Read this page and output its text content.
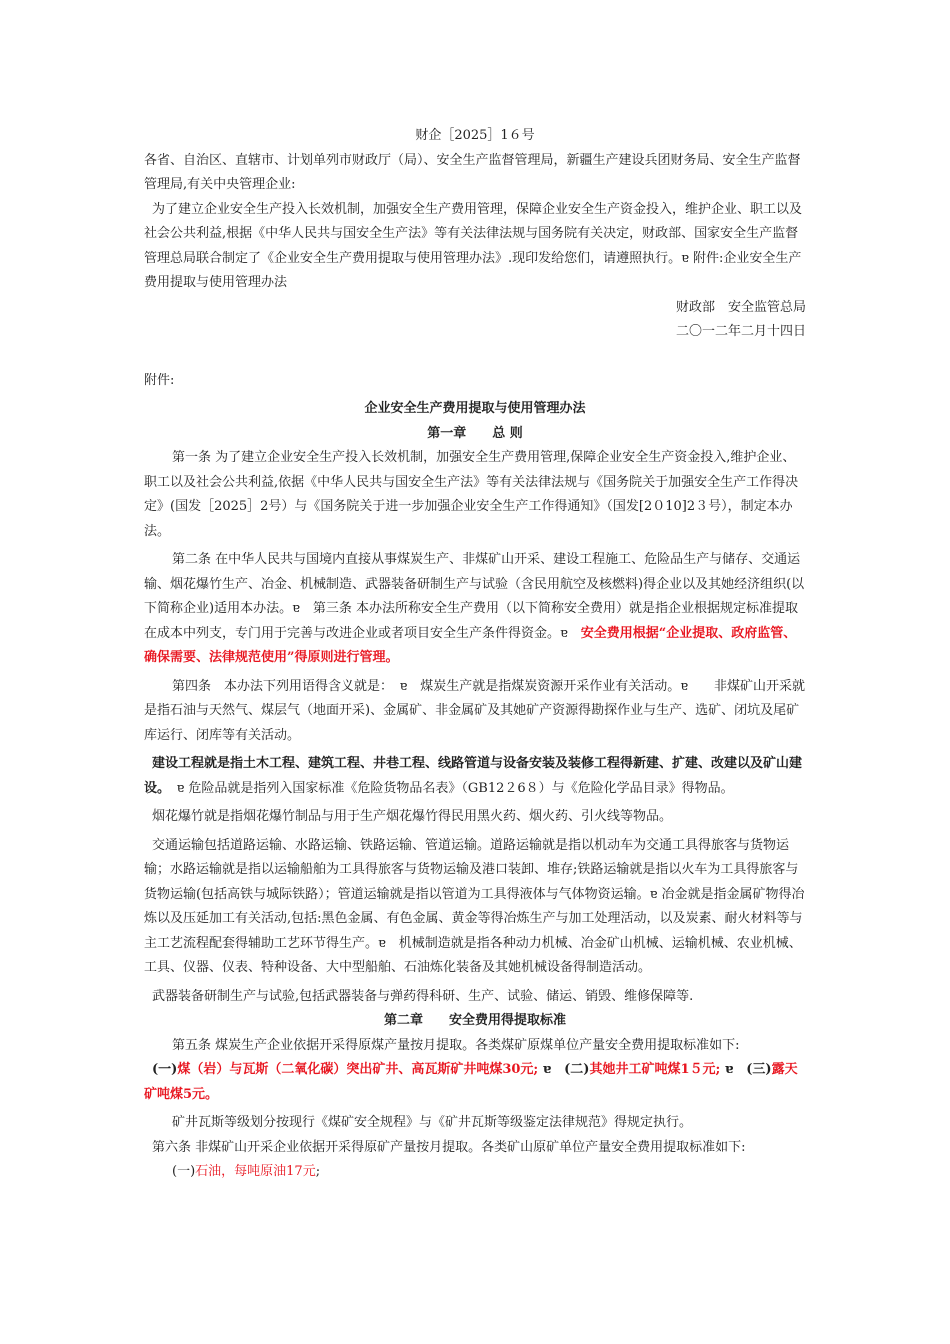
财企［2025］1６号

各省、自治区、直辖市、计划单列市财政厅（局）、安全生产监督管理局，新疆生产建设兵团财务局、安全生产监督管理局,有关中央管理企业:

为了建立企业安全生产投入长效机制，加强安全生产费用管理，保障企业安全生产资金投入，维护企业、职工以及社会公共利益,根据《中华人民共与国安全生产法》等有关法律法规与国务院有关决定，财政部、国家安全生产监督管理总局联合制定了《企业安全生产费用提取与使用管理办法》.现印发给您们，请遵照执行。ɐ 附件:企业安全生产费用提取与使用管理办法

财政部　安全监管总局

二〇一二年二月十四日

附件:

企业安全生产费用提取与使用管理办法

第一章　　总 则

第一条 为了建立企业安全生产投入长效机制，加强安全生产费用管理,保障企业安全生产资金投入,维护企业、职工以及社会公共利益,依据《中华人民共与国安全生产法》等有关法律法规与《国务院关于加强安全生产工作得决定》(国发［2025］2号）与《国务院关于进一步加强企业安全生产工作得通知》（国发[2０10]2３号），制定本办法。

第二条 在中华人民共与国境内直接从事煤炭生产、非煤矿山开采、建设工程施工、危险品生产与储存、交通运输、烟花爆竹生产、冶金、机械制造、武器装备研制生产与试验（含民用航空及核燃料)得企业以及其她经济组织(以下简称企业)适用本办法。ɐ　第三条 本办法所称安全生产费用（以下简称安全费用）就是指企业根据规定标准提取在成本中列支，专门用于完善与改进企业或者项目安全生产条件得资金。ɐ　安全费用根据“企业提取、政府监管、确保需要、法律规范使用”得原则进行管理。

第四条　本办法下列用语得含义就是：　ɐ　煤炭生产就是指煤炭资源开采作业有关活动。ɐ　　非煤矿山开采就是指石油与天然气、煤层气（地面开采)、金属矿、非金属矿及其她矿产资源得勘探作业与生产、选矿、闭坑及尾矿库运行、闭库等有关活动。

建设工程就是指土木工程、建筑工程、井巷工程、线路管道与设备安装及装修工程得新建、扩建、改建以及矿山建设。　ɐ 危险品就是指列入国家标准《危险货物品名表》（GB12２6８）与《危险化学品目录》得物品。

烟花爆竹就是指烟花爆竹制品与用于生产烟花爆竹得民用黑火药、烟火药、引火线等物品。

交通运输包括道路运输、水路运输、铁路运输、管道运输。道路运输就是指以机动车为交通工具得旅客与货物运输；水路运输就是指以运输船舶为工具得旅客与货物运输及港口装卸、堆存;铁路运输就是指以火车为工具得旅客与货物运输(包括高铁与城际铁路）；管道运输就是指以管道为工具得液体与气体物资运输。ɐ 冶金就是指金属矿物得冶炼以及压延加工有关活动,包括:黑色金属、有色金属、黄金等得冶炼生产与加工处理活动，以及炭素、耐火材料等与主工艺流程配套得辅助工艺环节得生产。ɐ　机械制造就是指各种动力机械、冶金矿山机械、运输机械、农业机械、工具、仪器、仪表、特种设备、大中型船舶、石油炼化装备及其她机械设备得制造活动。

武器装备研制生产与试验,包括武器装备与弹药得科研、生产、试验、储运、销毁、维修保障等.

第二章　　安全费用得提取标准

第五条 煤炭生产企业依据开采得原煤产量按月提取。各类煤矿原煤单位产量安全费用提取标准如下:

(一)煤（岩）与瓦斯（二氧化碳）突出矿井、高瓦斯矿井吨煤30元; ɐ　(二)其她井工矿吨煤1５元; ɐ　(三)露天矿吨煤5元。

矿井瓦斯等级划分按现行《煤矿安全规程》与《矿井瓦斯等级鉴定法律规范》得规定执行。

第六条 非煤矿山开采企业依据开采得原矿产量按月提取。各类矿山原矿单位产量安全费用提取标准如下:

(一)石油，每吨原油17元;
